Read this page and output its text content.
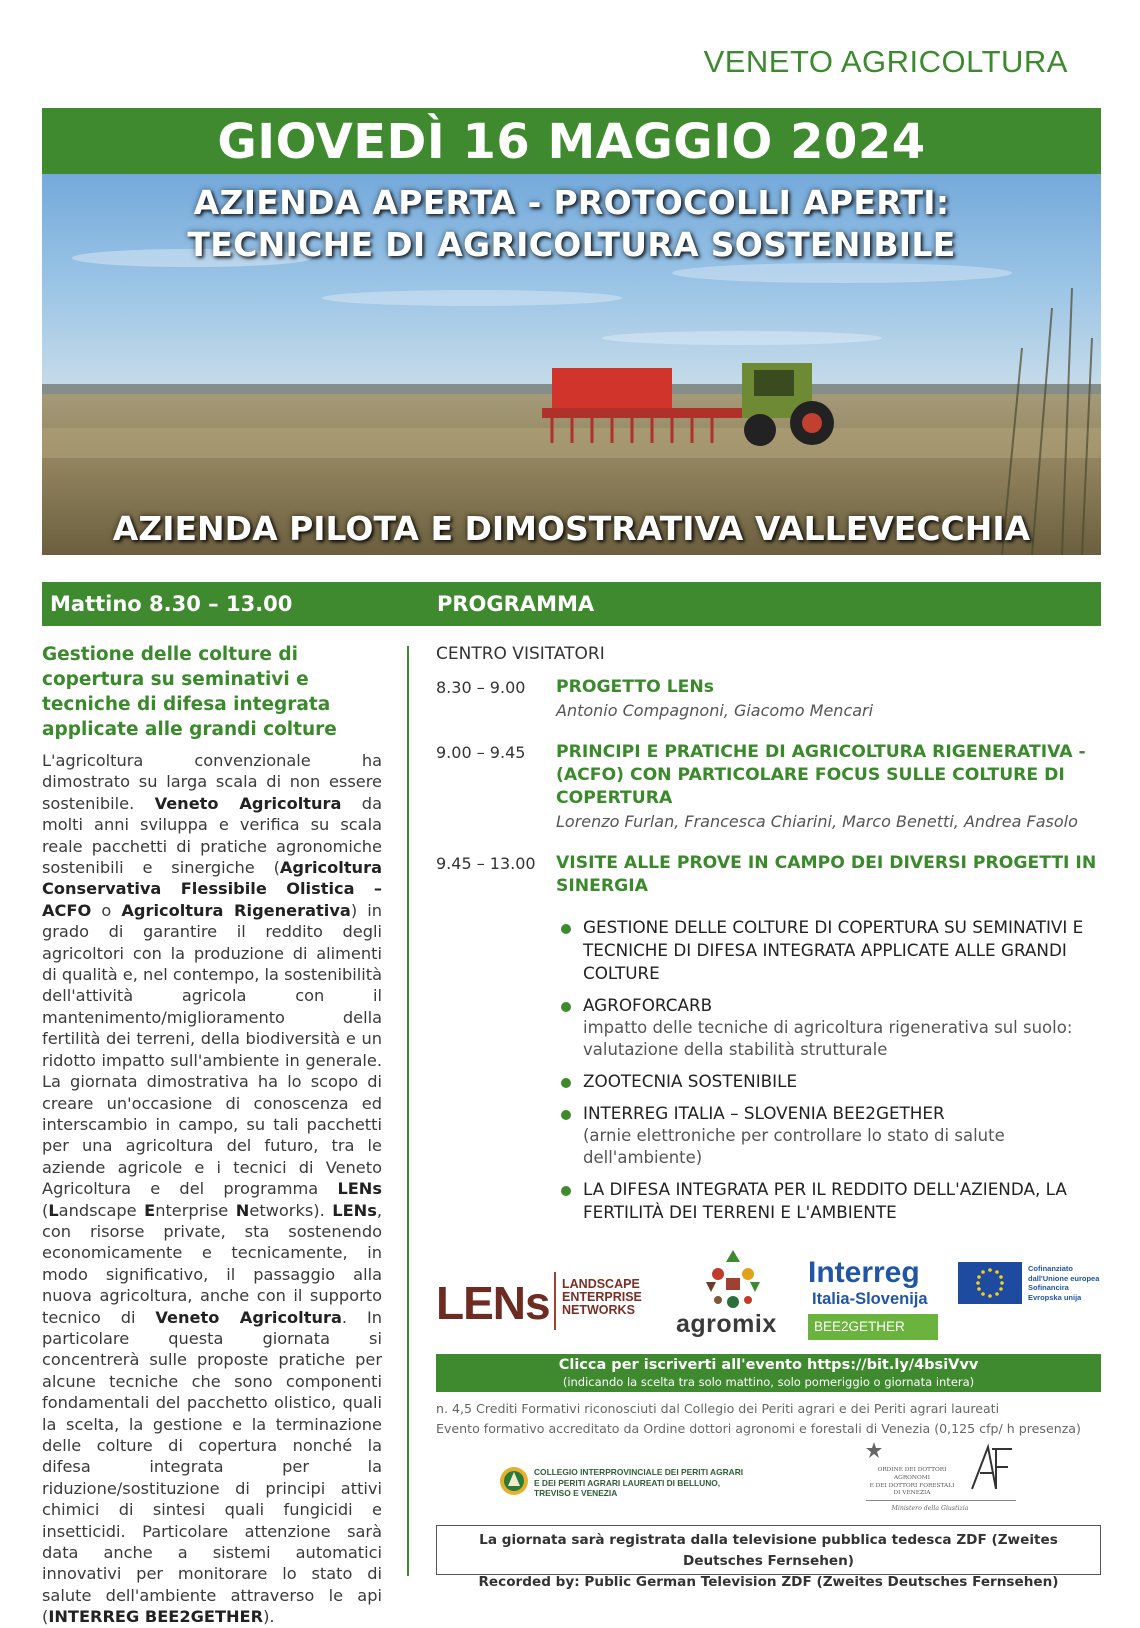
VENETO AGRICOLTURA
GIOVEDÌ 16 MAGGIO 2024
AZIENDA APERTA - PROTOCOLLI APERTI:
TECNICHE DI AGRICOLTURA SOSTENIBILE
AZIENDA PILOTA E DIMOSTRATIVA VALLEVECCHIA
Mattino 8.30 – 13.00	PROGRAMMA
Gestione delle colture di copertura su seminativi e tecniche di difesa integrata applicate alle grandi colture

L'agricoltura convenzionale ha dimostrato su larga scala di non essere sostenibile. Veneto Agricoltura da molti anni sviluppa e verifica su scala reale pacchetti di pratiche agronomiche sostenibili e sinergiche (Agricoltura Conservativa Flessibile Olistica – ACFO o Agricoltura Rigenerativa) in grado di garantire il reddito degli agricoltori con la produzione di alimenti di qualità e, nel contempo, la sostenibilità dell'attività agricola con il mantenimento/miglioramento della fertilità dei terreni, della biodiversità e un ridotto impatto sull'ambiente in generale. La giornata dimostrativa ha lo scopo di creare un'occasione di conoscenza ed interscambio in campo, su tali pacchetti per una agricoltura del futuro, tra le aziende agricole e i tecnici di Veneto Agricoltura e del programma LENs (Landscape Enterprise Networks). LENs, con risorse private, sta sostenendo economicamente e tecnicamente, in modo significativo, il passaggio alla nuova agricoltura, anche con il supporto tecnico di Veneto Agricoltura. In particolare questa giornata si concentrerà sulle proposte pratiche per alcune tecniche che sono componenti fondamentali del pacchetto olistico, quali la scelta, la gestione e la terminazione delle colture di copertura nonché la difesa integrata per la riduzione/sostituzione di principi attivi chimici di sintesi quali fungicidi e insetticidi. Particolare attenzione sarà data anche a sistemi automatici innovativi per monitorare lo stato di salute dell'ambiente attraverso le api (INTERREG BEE2GETHER).

CENTRO VISITATORI
8.30 – 9.00 PROGETTO LENs
Antonio Compagnoni, Giacomo Mencari
9.00 – 9.45 PRINCIPI E PRATICHE DI AGRICOLTURA RIGENERATIVA - (ACFO) CON PARTICOLARE FOCUS SULLE COLTURE DI COPERTURA
Lorenzo Furlan, Francesca Chiarini, Marco Benetti, Andrea Fasolo
9.45 – 13.00 VISITE ALLE PROVE IN CAMPO DEI DIVERSI PROGETTI IN SINERGIA
GESTIONE DELLE COLTURE DI COPERTURA SU SEMINATIVI E TECNICHE DI DIFESA INTEGRATA APPLICATE ALLE GRANDI COLTURE
AGROFORCARB
impatto delle tecniche di agricoltura rigenerativa sul suolo: valutazione della stabilità strutturale
ZOOTECNIA SOSTENIBILE
INTERREG ITALIA – SLOVENIA BEE2GETHER
(arnie elettroniche per controllare lo stato di salute dell'ambiente)
LA DIFESA INTEGRATA PER IL REDDITO DELL'AZIENDA, LA FERTILITÀ DEI TERRENI E L'AMBIENTE
LENs LANDSCAPE
ENTERPRISE
NETWORKS agromix
Interreg
Italia-Slovenija
BEE2GETHER
Cofinanziato
dall'Unione europea
Sofinancira
Evropska unija
Clicca per iscriverti all'evento https://bit.ly/4bsiVvv
(indicando la scelta tra solo mattino, solo pomeriggio o giornata intera)
n. 4,5 Crediti Formativi riconosciuti dal Collegio dei Periti agrari e dei Periti agrari laureati
Evento formativo accreditato da Ordine dottori agronomi e forestali di Venezia (0,125 cfp/ h presenza)
COLLEGIO INTERPROVINCIALE DEI PERITI AGRARI
E DEI PERITI AGRARI LAUREATI DI BELLUNO,
TREVISO E VENEZIA
ORDINE DEI DOTTORI AGRONOMI
E DEI DOTTORI FORESTALI
DI VENEZIA
Ministero della Giustizia
La giornata sarà registrata dalla televisione pubblica tedesca ZDF (Zweites Deutsches Fernsehen)
Recorded by: Public German Television ZDF (Zweites Deutsches Fernsehen)
